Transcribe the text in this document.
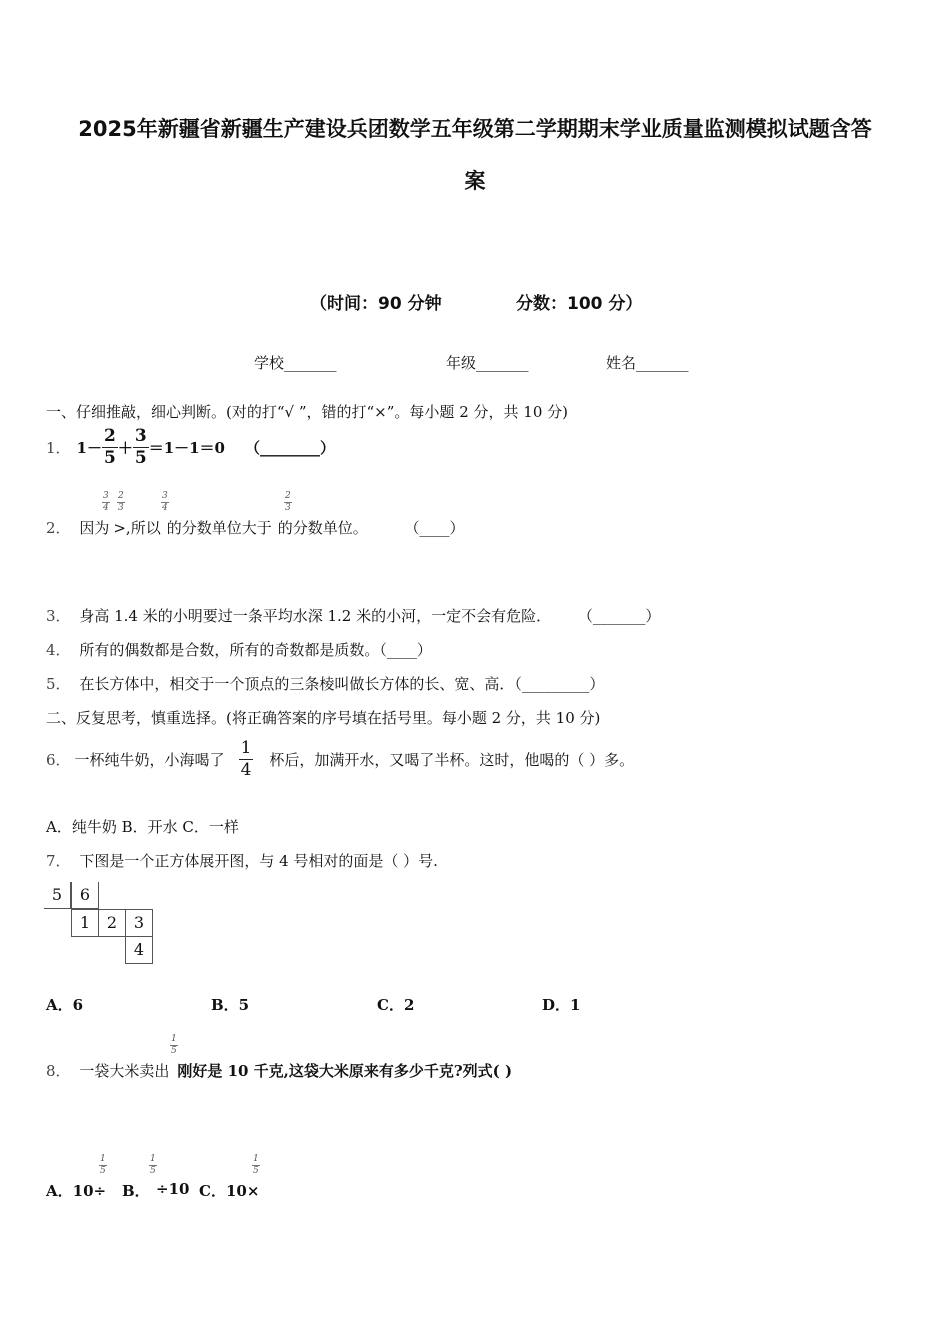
2025年新疆省新疆生产建设兵团数学五年级第二学期期末学业质量监测模拟试题含答
案
（时间：90 分钟	分数：100 分）
学校_______	年级_______	姓名_______
一、仔细推敲，细心判断。(对的打“√ ”，错的打“×”。每小题 2 分，共 10 分)
1． $1- \frac{2}{5} + \frac{3}{5} =1-1=0$ （________）
2． 因为 >,所以 的分数单位大于 的分数单位。 （____）
$\frac{3}{4} \frac{2}{3}$	$\frac{3}{4}$	$\frac{2}{3}$
3． 身高 1.4 米的小明要过一条平均水深 1.2 米的小河，一定不会有危险． （_______）
4． 所有的偶数都是合数，所有的奇数都是质数。（____）
5． 在长方体中，相交于一个顶点的三条棱叫做长方体的长、宽、高．（_________）
二、反复思考，慎重选择。(将正确答案的序号填在括号里。每小题 2 分，共 10 分)
6． 一杯纯牛奶，小海喝了 $\frac{1}{4}$ 杯后，加满开水，又喝了半杯。这时，他喝的（ ）多。
A．纯牛奶 B．开水 C．一样
7． 下图是一个正方体展开图，与 4 号相对的面是（ ）号.
5	6
1	2	3
4
A．6	B．5	C．2	D．1
8． 一袋大米卖出 刚好是 10 千克,这袋大米原来有多少千克?列式( )
$\frac{1}{5}$
A．10÷
$\frac{1}{5}$
B．
$\frac{1}{5}$
÷10 C．10×
$\frac{1}{5}$
